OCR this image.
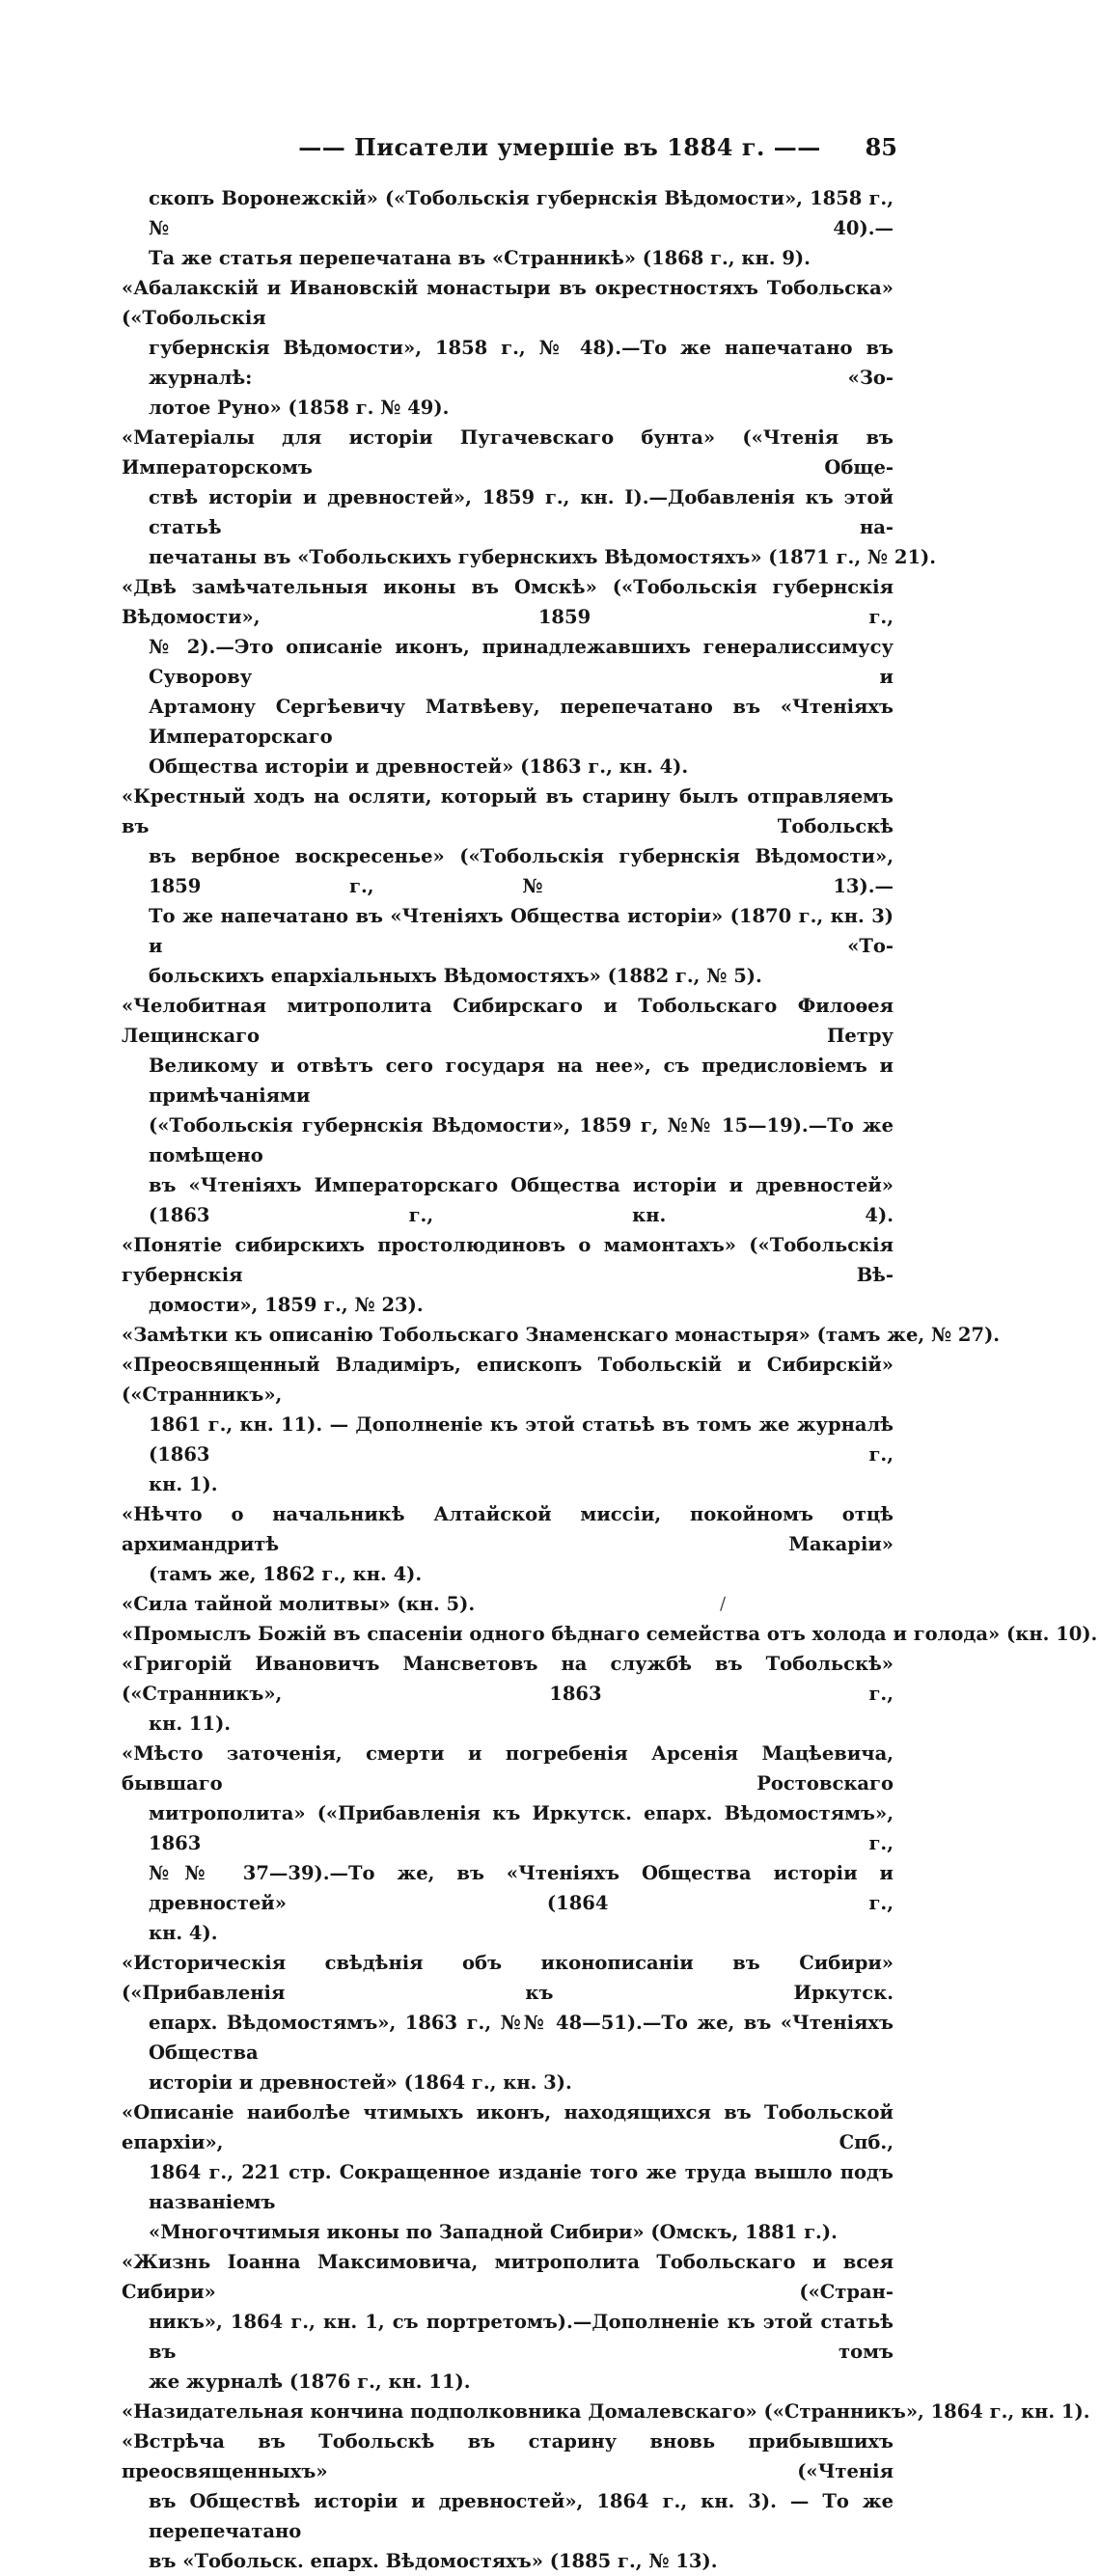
—— Писатели умершіе въ 1884 г. ——	85
скопъ Воронежскій» («Тобольскія губернскія Вѣдомости», 1858 г., № 40).—
Та же статья перепечатана въ «Странникѣ» (1868 г., кн. 9).
«Абалакскій и Ивановскій монастыри въ окрестностяхъ Тобольска» («Тобольскія
губернскія Вѣдомости», 1858 г., № 48).—То же напечатано въ журналѣ: «Зо-
лотое Руно» (1858 г. № 49).
«Матеріалы для исторіи Пугачевскаго бунта» («Чтенія въ Императорскомъ Обще-
ствѣ исторіи и древностей», 1859 г., кн. I).—Добавленія къ этой статьѣ на-
печатаны въ «Тобольскихъ губернскихъ Вѣдомостяхъ» (1871 г., № 21).
«Двѣ замѣчательныя иконы въ Омскѣ» («Тобольскія губернскія Вѣдомости», 1859 г.,
№ 2).—Это описаніе иконъ, принадлежавшихъ генералиссимусу Суворову и
Артамону Сергѣевичу Матвѣеву, перепечатано въ «Чтеніяхъ Императорскаго
Общества исторіи и древностей» (1863 г., кн. 4).
«Крестный ходъ на осляти, который въ старину былъ отправляемъ въ Тобольскѣ
въ вербное воскресенье» («Тобольскія губернскія Вѣдомости», 1859 г., № 13).—
То же напечатано въ «Чтеніяхъ Общества исторіи» (1870 г., кн. 3) и «То-
больскихъ епархіальныхъ Вѣдомостяхъ» (1882 г., № 5).
«Челобитная митрополита Сибирскаго и Тобольскаго Филоѳея Лещинскаго Петру
Великому и отвѣтъ сего государя на нее», съ предисловіемъ и примѣчаніями
(«Тобольскія губернскія Вѣдомости», 1859 г, №№ 15—19).—То же помѣщено
въ «Чтеніяхъ Императорскаго Общества исторіи и древностей» (1863 г., кн. 4).
«Понятіе сибирскихъ простолюдиновъ о мамонтахъ» («Тобольскія губернскія Вѣ-
домости», 1859 г., № 23).
«Замѣтки къ описанію Тобольскаго Знаменскаго монастыря» (тамъ же, № 27).
«Преосвященный Владиміръ, епископъ Тобольскій и Сибирскій» («Странникъ»,
1861 г., кн. 11). — Дополненіе къ этой статьѣ въ томъ же журналѣ (1863 г.,
кн. 1).
«Нѣчто о начальникѣ Алтайской миссіи, покойномъ отцѣ архимандритѣ Макаріи»
(тамъ же, 1862 г., кн. 4).
«Сила тайной молитвы» (кн. 5).
«Промыслъ Божій въ спасеніи одного бѣднаго семейства отъ холода и голода» (кн. 10).
«Григорій Ивановичъ Мансветовъ на службѣ въ Тобольскѣ» («Странникъ», 1863 г.,
кн. 11).
«Мѣсто заточенія, смерти и погребенія Арсенія Мацѣевича, бывшаго Ростовскаго
митрополита» («Прибавленія къ Иркутск. епарх. Вѣдомостямъ», 1863 г.,
№№ 37—39).—То же, въ «Чтеніяхъ Общества исторіи и древностей» (1864 г.,
кн. 4).
«Историческія свѣдѣнія объ иконописаніи въ Сибири» («Прибавленія къ Иркутск.
епарх. Вѣдомостямъ», 1863 г., №№ 48—51).—То же, въ «Чтеніяхъ Общества
исторіи и древностей» (1864 г., кн. 3).
«Описаніе наиболѣе чтимыхъ иконъ, находящихся въ Тобольской епархіи», Спб.,
1864 г., 221 стр. Сокращенное изданіе того же труда вышло подъ названіемъ
«Многочтимыя иконы по Западной Сибири» (Омскъ, 1881 г.).
«Жизнь Іоанна Максимовича, митрополита Тобольскаго и всея Сибири» («Стран-
никъ», 1864 г., кн. 1, съ портретомъ).—Дополненіе къ этой статьѣ въ томъ
же журналѣ (1876 г., кн. 11).
«Назидательная кончина подполковника Домалевскаго» («Странникъ», 1864 г., кн. 1).
«Встрѣча въ Тобольскѣ въ старину вновь прибывшихъ преосвященныхъ» («Чтенія
въ Обществѣ исторіи и древностей», 1864 г., кн. 3). — То же перепечатано
въ «Тобольск. епарх. Вѣдомостяхъ» (1885 г., № 13).
/
